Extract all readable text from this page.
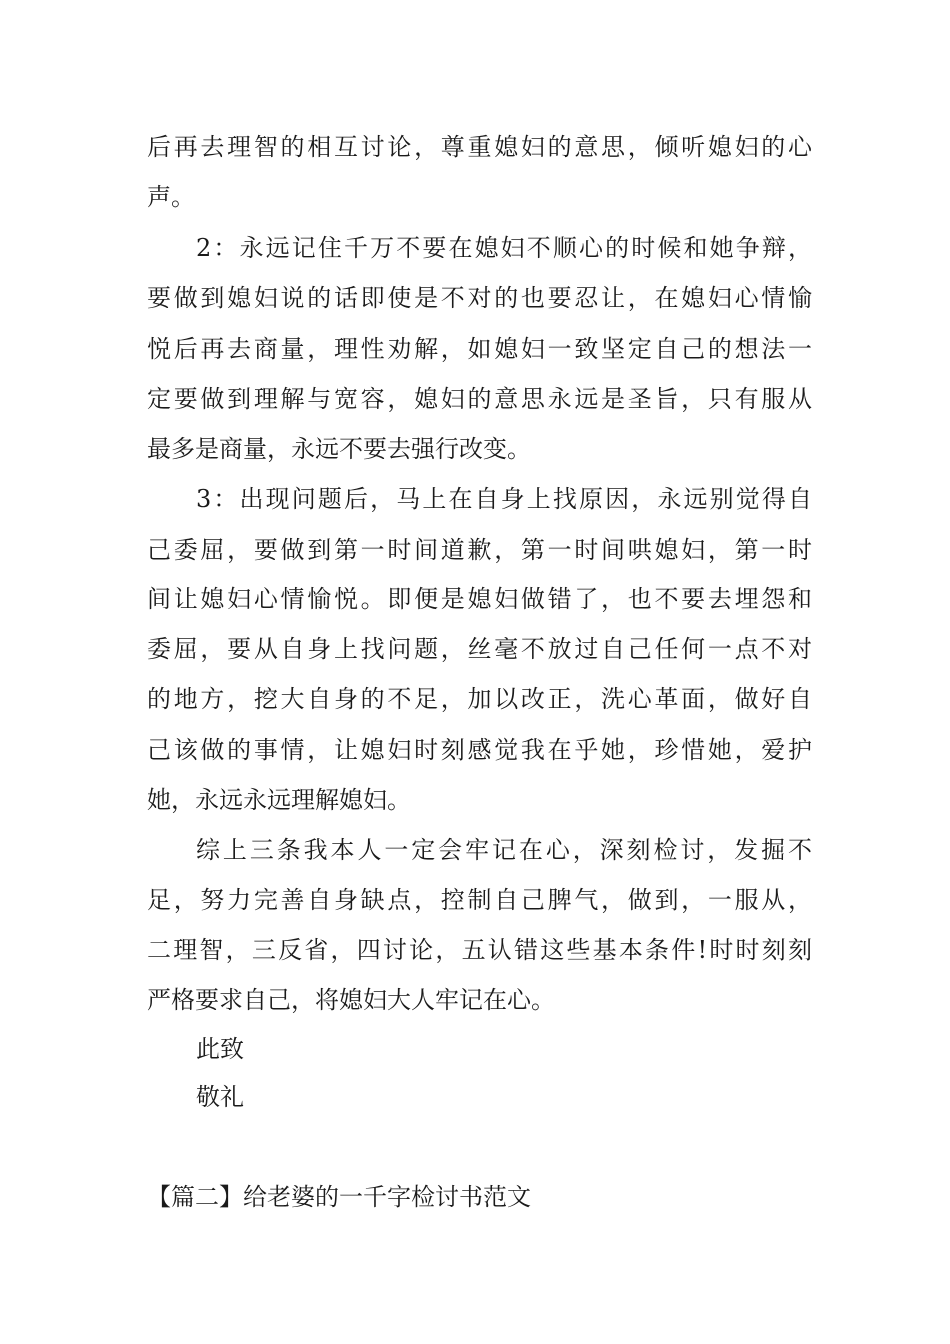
后再去理智的相互讨论，尊重媳妇的意思，倾听媳妇的心
声。
2：永远记住千万不要在媳妇不顺心的时候和她争辩，
要做到媳妇说的话即使是不对的也要忍让，在媳妇心情愉
悦后再去商量，理性劝解，如媳妇一致坚定自己的想法一
定要做到理解与宽容，媳妇的意思永远是圣旨，只有服从
最多是商量，永远不要去强行改变。
3：出现问题后，马上在自身上找原因，永远别觉得自
己委屈，要做到第一时间道歉，第一时间哄媳妇，第一时
间让媳妇心情愉悦。即便是媳妇做错了，也不要去埋怨和
委屈，要从自身上找问题，丝毫不放过自己任何一点不对
的地方，挖大自身的不足，加以改正，洗心革面，做好自
己该做的事情，让媳妇时刻感觉我在乎她，珍惜她，爱护
她，永远永远理解媳妇。
综上三条我本人一定会牢记在心，深刻检讨，发掘不
足，努力完善自身缺点，控制自己脾气，做到，一服从，
二理智，三反省，四讨论，五认错这些基本条件!时时刻刻
严格要求自己，将媳妇大人牢记在心。
此致
敬礼
【篇二】给老婆的一千字检讨书范文
